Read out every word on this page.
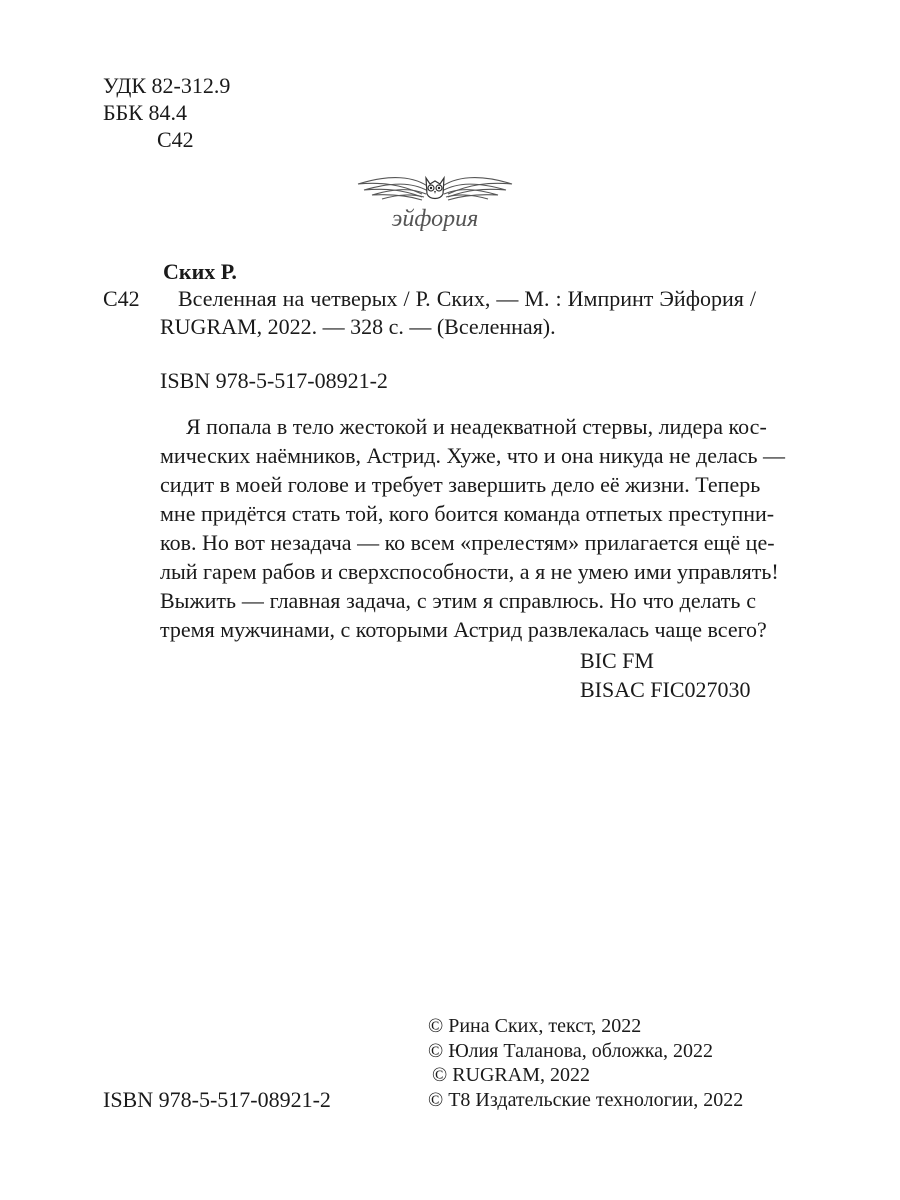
УДК 82-312.9
ББК 84.4
С42
эйфория
Ских Р.
С42 Вселенная на четверых / Р. Ских, — М. : Импринт Эйфория /
RUGRAM, 2022. — 328 с. — (Вселенная).
ISBN 978-5-517-08921-2
Я попала в тело жестокой и неадекватной стервы, лидера кос-
мических наёмников, Астрид. Хуже, что и она никуда не делась —
сидит в моей голове и требует завершить дело её жизни. Теперь
мне придётся стать той, кого боится команда отпетых преступни-
ков. Но вот незадача — ко всем «прелестям» прилагается ещё це-
лый гарем рабов и сверхспособности, а я не умею ими управлять!
Выжить — главная задача, с этим я справлюсь. Но что делать с
тремя мужчинами, с которыми Астрид развлекалась чаще всего?
BIC FM
BISAC FIC027030
© Рина Ских, текст, 2022
© Юлия Таланова, обложка, 2022
© RUGRAM, 2022
© Т8 Издательские технологии, 2022
ISBN 978-5-517-08921-2
